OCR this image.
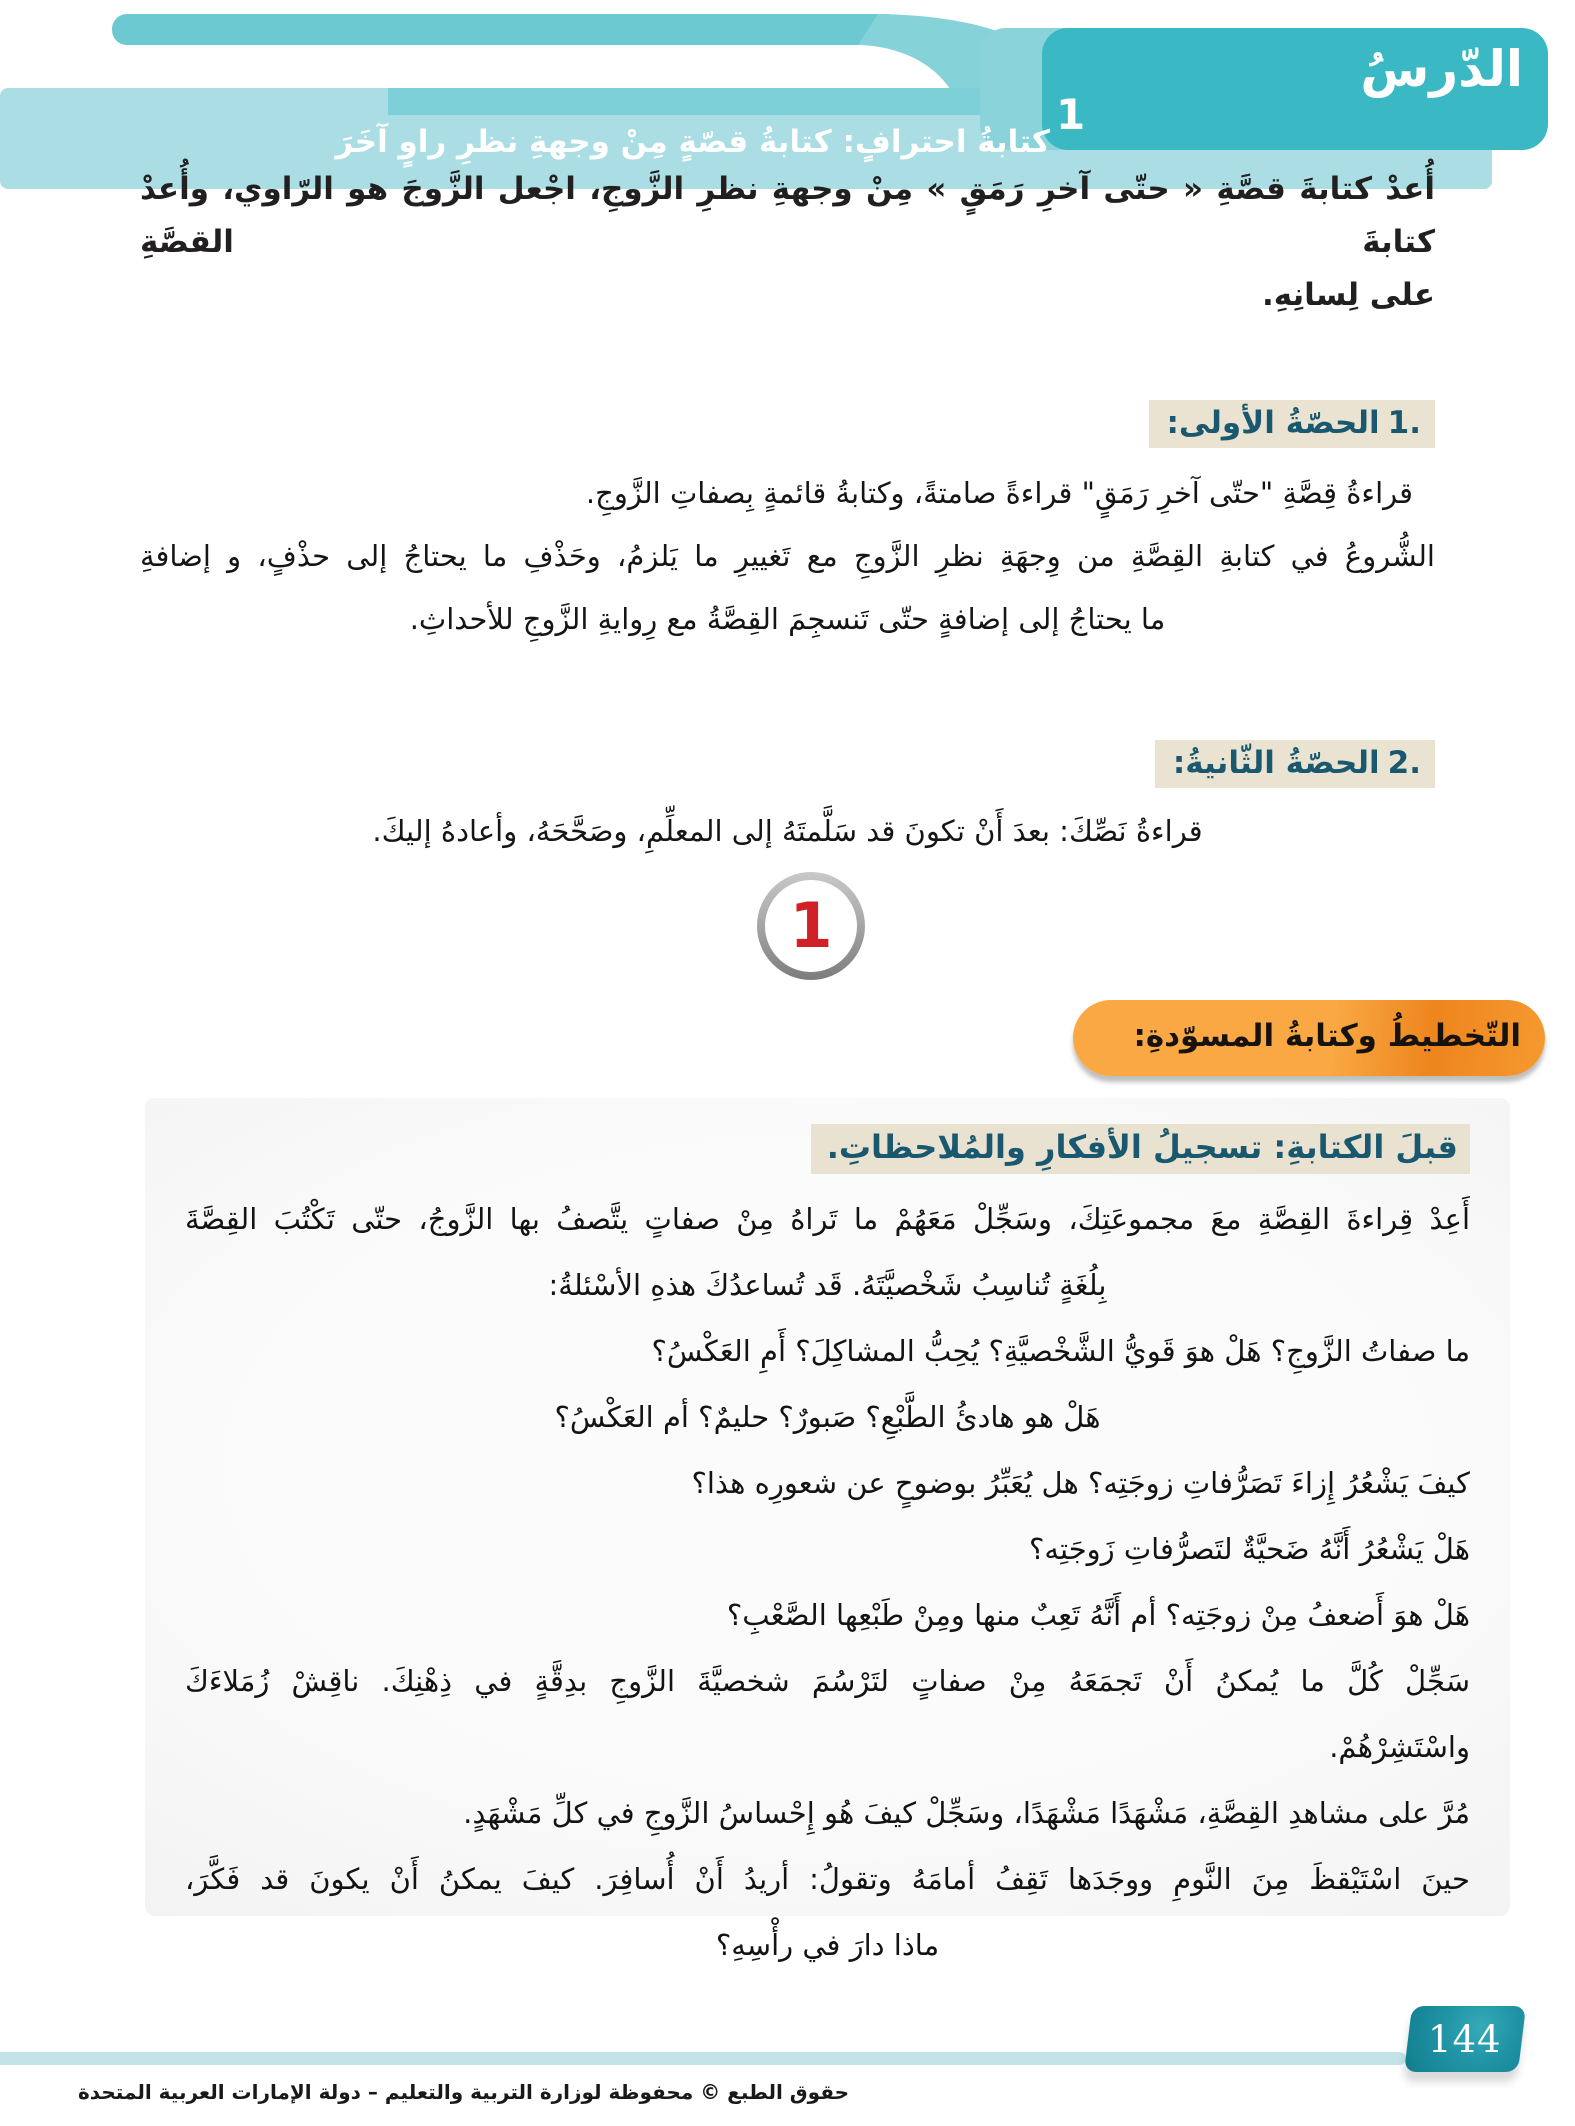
الدّرسُ
1
كتابةُ احترافٍ: كتابةُ قصّةٍ مِنْ وجهةِ نظرِ راوٍ آخَرَ
أُعدْ كتابةَ قصَّةِ « حتّى آخرِ رَمَقٍ » مِنْ وجهةِ نظرِ الزَّوجِ، اجْعل الزَّوجَ هو الرّاوي، وأُعدْ كتابةَ القصَّةِ
على لِسانِهِ.
1.الحصّةُ الأولى:
قراءةُ قِصَّةِ "حتّى آخرِ رَمَقٍ" قراءةً صامتةً، وكتابةُ قائمةٍ بِصفاتِ الزَّوجِ.
الشُّروعُ في كتابةِ القِصَّةِ من وِجهَةِ نظرِ الزَّوجِ مع تَغييرِ ما يَلزمُ، وحَذْفِ ما يحتاجُ إلى حذْفٍ، و إضافةِ
ما يحتاجُ إلى إضافةٍ حتّى تَنسجِمَ القِصَّةُ مع رِوايةِ الزَّوجِ للأحداثِ.
2.الحصّةُ الثّانيةُ:
قراءةُ نَصِّكَ: بعدَ أَنْ تكونَ قد سَلَّمتَهُ إلى المعلِّمِ، وصَحَّحَهُ، وأعادهُ إليكَ.
1
التّخطيطُ وكتابةُ المسوّدةِ:
قبلَ الكتابةِ: تسجيلُ الأفكارِ والمُلاحظاتِ.
أَعِدْ قِراءةَ القِصَّةِ معَ مجموعَتِكَ، وسَجِّلْ مَعَهُمْ ما تَراهُ مِنْ صفاتٍ يتَّصفُ بها الزَّوجُ، حتّى تَكْتُبَ القِصَّةَ
بِلُغَةٍ تُناسِبُ شَخْصيَّتَهُ. قَد تُساعدُكَ هذهِ الأسْئلةُ:
ما صفاتُ الزَّوجِ؟ هَلْ هوَ قَويُّ الشَّخْصيَّةِ؟ يُحِبُّ المشاكِلَ؟ أَمِ العَكْسُ؟
هَلْ هو هادئُ الطَّبْعِ؟ صَبورٌ؟ حليمٌ؟ أم العَكْسُ؟
كيفَ يَشْعُرُ إِزاءَ تَصَرُّفاتِ زوجَتِه؟ هل يُعَبِّرُ بوضوحٍ عن شعورِه هذا؟
هَلْ يَشْعُرُ أَنَّهُ ضَحيَّةٌ لتَصرُّفاتِ زَوجَتِه؟
هَلْ هوَ أَضعفُ مِنْ زوجَتِه؟ أم أَنَّهُ تَعِبٌ منها ومِنْ طَبْعِها الصَّعْبِ؟
سَجِّلْ كُلَّ ما يُمكنُ أَنْ تَجمَعَهُ مِنْ صفاتٍ لتَرْسُمَ شخصيَّةَ الزَّوجِ بدِقَّةٍ في ذِهْنِكَ. ناقِشْ زُمَلاءَكَ
واسْتَشِرْهُمْ.
مُرَّ على مشاهدِ القِصَّةِ، مَشْهَدًا مَشْهَدًا، وسَجِّلْ كيفَ هُو إِحْساسُ الزَّوجِ في كلِّ مَشْهَدٍ.
حينَ اسْتَيْقظَ مِنَ النَّومِ ووجَدَها تَقِفُ أمامَهُ وتقولُ: أريدُ أَنْ أُسافِرَ. كيفَ يمكنُ أَنْ يكونَ قد فَكَّرَ،
ماذا دارَ في رأْسِهِ؟
144
حقوق الطبع © محفوظة لوزارة التربية والتعليم – دولة الإمارات العربية المتحدة
